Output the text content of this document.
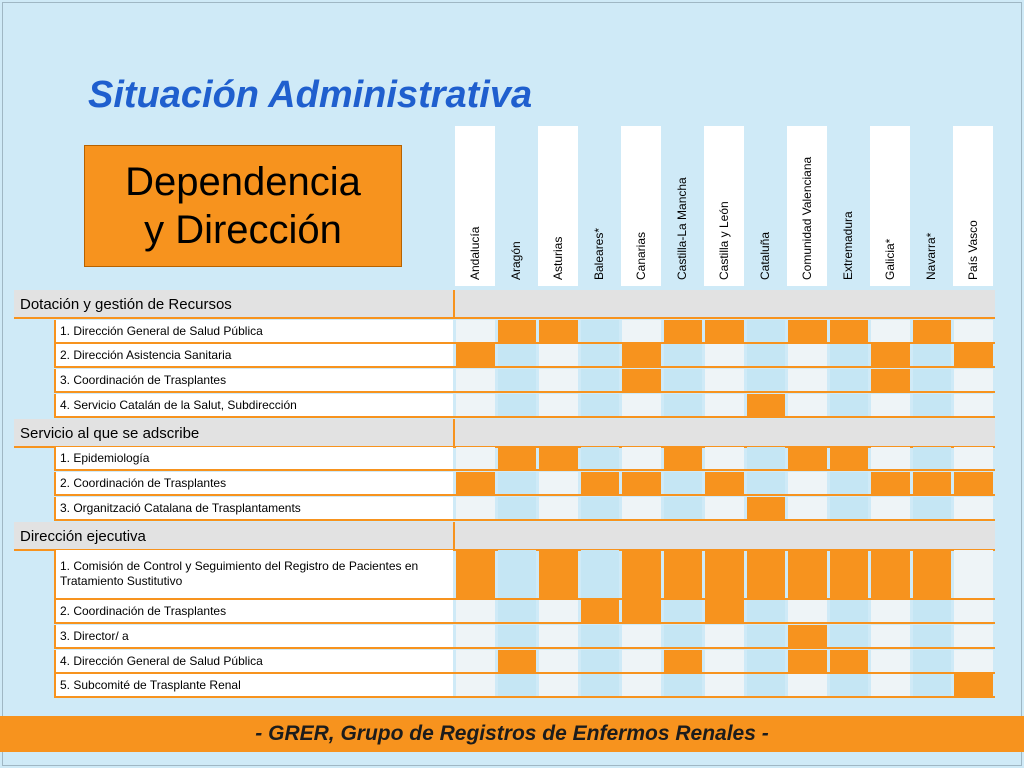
Situación Administrativa
Dependencia
y Dirección	Andalucía Aragón Asturias Baleares* Canarias Castilla-La Mancha Castilla y León Cataluña Comunidad Valenciana Extremadura Galicia* Navarra* País Vasco
Dotación y gestión de Recursos
1. Dirección General de Salud Pública
2. Dirección Asistencia Sanitaria
3. Coordinación de Trasplantes
4. Servicio Catalán de la Salut, Subdirección
Servicio al que se adscribe
1. Epidemiología
2. Coordinación de Trasplantes
3. Organització Catalana de Trasplantaments
Dirección ejecutiva
1. Comisión de Control y Seguimiento del Registro de Pacientes en Tratamiento Sustitutivo
2. Coordinación de Trasplantes
3. Director/ a
4. Dirección General de Salud Pública
5. Subcomité de Trasplante Renal
- GRER, Grupo de Registros de Enfermos Renales -
